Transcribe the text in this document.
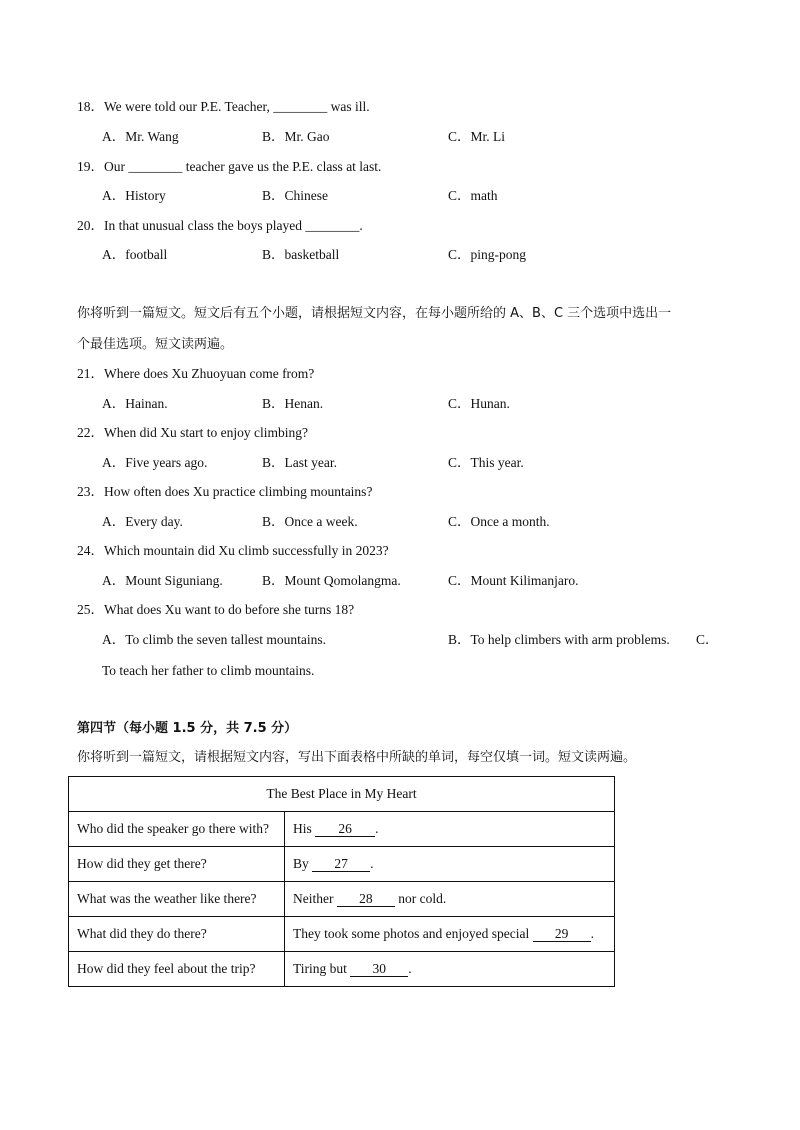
18．We were told our P.E. Teacher, ________ was ill.
A．Mr. Wang	B．Mr. Gao	C．Mr. Li
19．Our ________ teacher gave us the P.E. class at last.
A．History	B．Chinese	C．math
20．In that unusual class the boys played ________.
A．football	B．basketball	C．ping-pong
你将听到一篇短文。短文后有五个小题，请根据短文内容，在每小题所给的 A、B、C 三个选项中选出一
个最佳选项。短文读两遍。
21．Where does Xu Zhuoyuan come from?
A．Hainan.	B．Henan.	C．Hunan.
22．When did Xu start to enjoy climbing?
A．Five years ago.	B．Last year.	C．This year.
23．How often does Xu practice climbing mountains?
A．Every day.	B．Once a week.	C．Once a month.
24．Which mountain did Xu climb successfully in 2023?
A．Mount Siguniang.	B．Mount Qomolangma.	C．Mount Kilimanjaro.
25．What does Xu want to do before she turns 18?
A．To climb the seven tallest mountains.	B．To help climbers with arm problems. C．
To teach her father to climb mountains.
第四节（每小题 1.5 分，共 7.5 分）
你将听到一篇短文，请根据短文内容，写出下面表格中所缺的单词，每空仅填一词。短文读两遍。
The Best Place in My Heart	
Who did the speaker go there with?	His 26 .
How did they get there?	By 27 .
What was the weather like there?	Neither 28 nor cold.
What did they do there?	They took some photos and enjoyed special 29 .
How did they feel about the trip?	Tiring but 30 .
